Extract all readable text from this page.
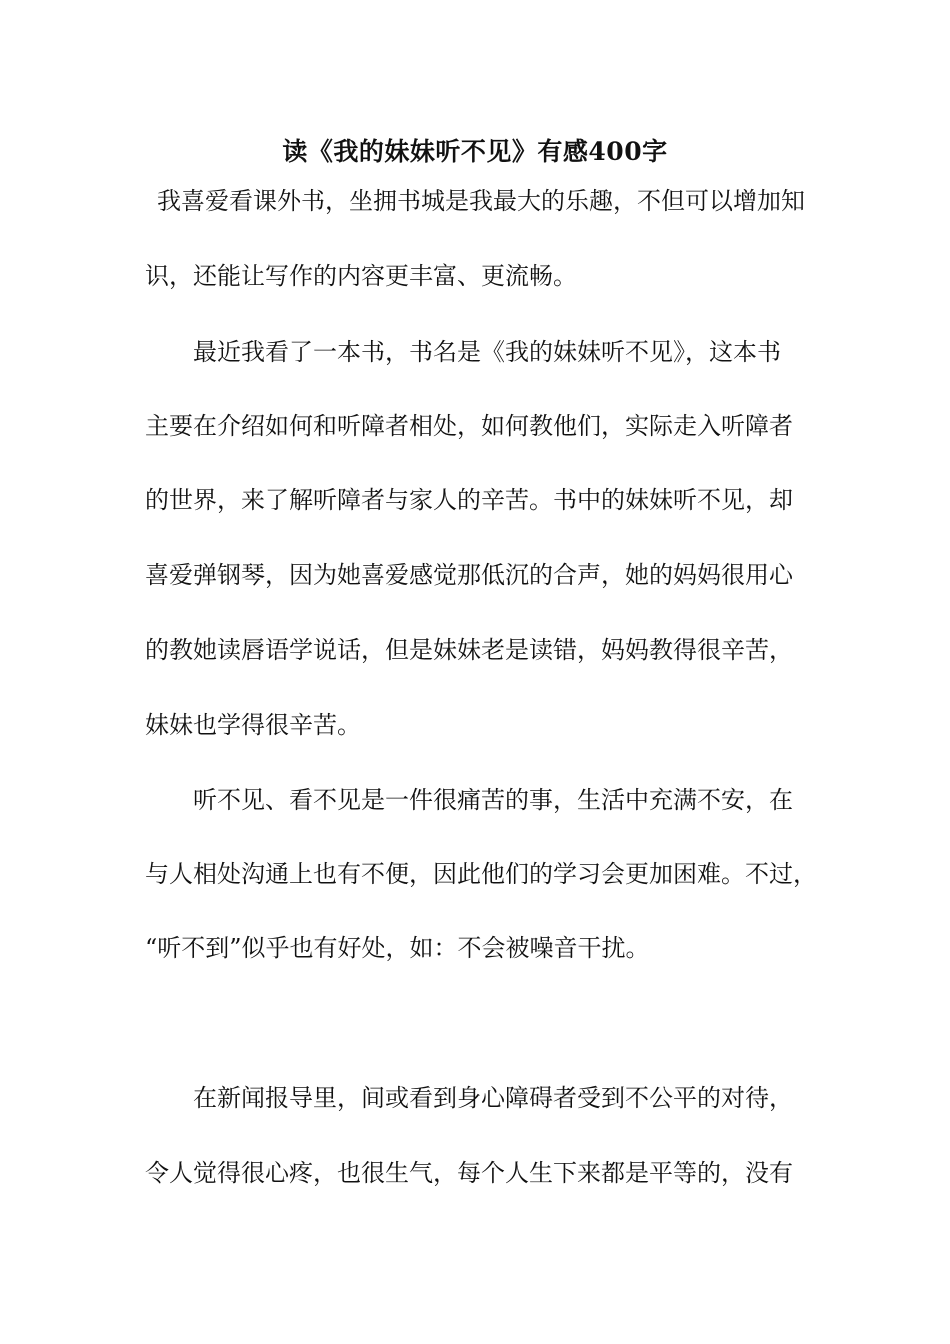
读《我的妹妹听不见》有感400字
我喜爱看课外书，坐拥书城是我最大的乐趣，不但可以增加知
识，还能让写作的内容更丰富、更流畅。
最近我看了一本书，书名是《我的妹妹听不见》，这本书
主要在介绍如何和听障者相处，如何教他们，实际走入听障者
的世界，来了解听障者与家人的辛苦。书中的妹妹听不见，却
喜爱弹钢琴，因为她喜爱感觉那低沉的合声，她的妈妈很用心
的教她读唇语学说话，但是妹妹老是读错，妈妈教得很辛苦，
妹妹也学得很辛苦。
听不见、看不见是一件很痛苦的事，生活中充满不安，在
与人相处沟通上也有不便，因此他们的学习会更加困难。不过，
“听不到”似乎也有好处，如：不会被噪音干扰。
在新闻报导里，间或看到身心障碍者受到不公平的对待，
令人觉得很心疼，也很生气，每个人生下来都是平等的，没有
